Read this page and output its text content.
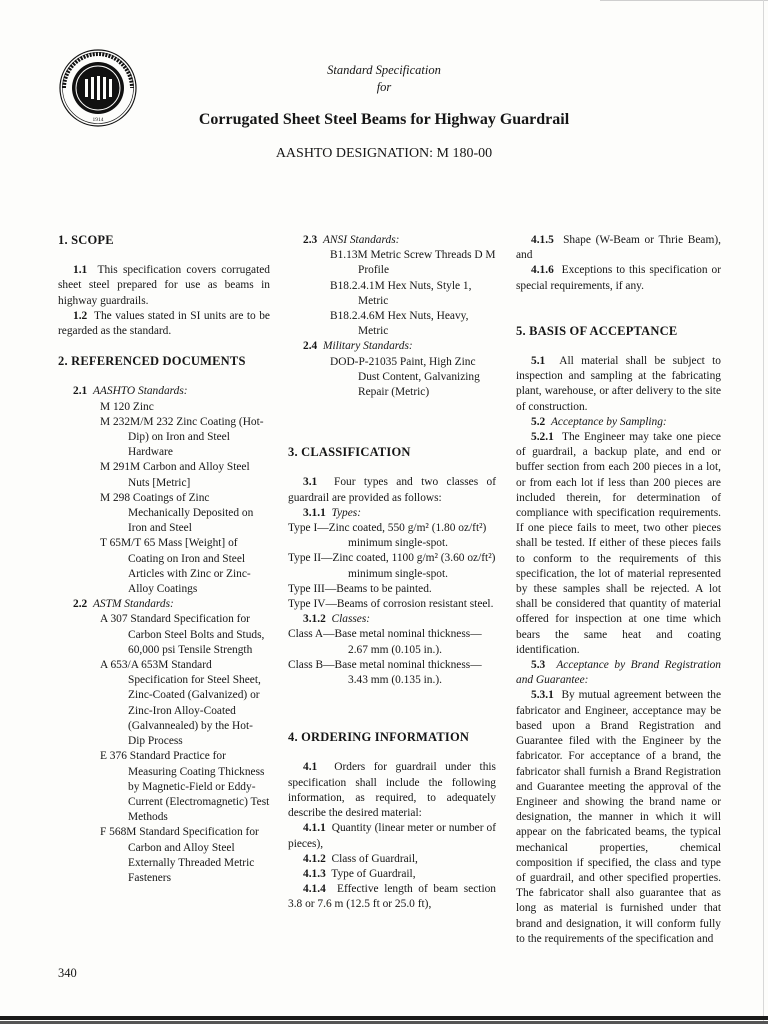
1914
Standard Specification
for
Corrugated Sheet Steel Beams for Highway Guardrail
AASHTO DESIGNATION: M 180-00
1. SCOPE
1.1 This specification covers corrugated sheet steel prepared for use as beams in highway guardrails.
1.2 The values stated in SI units are to be regarded as the standard.
2. REFERENCED DOCUMENTS
2.1 AASHTO Standards:
M 120 Zinc
M 232M/M 232 Zinc Coating (Hot-Dip) on Iron and Steel Hardware
M 291M Carbon and Alloy Steel Nuts [Metric]
M 298 Coatings of Zinc Mechanically Deposited on Iron and Steel
T 65M/T 65 Mass [Weight] of Coating on Iron and Steel Articles with Zinc or Zinc-Alloy Coatings
2.2 ASTM Standards:
A 307 Standard Specification for Carbon Steel Bolts and Studs, 60,000 psi Tensile Strength
A 653/A 653M Standard Specification for Steel Sheet, Zinc-Coated (Galvanized) or Zinc-Iron Alloy-Coated (Galvannealed) by the Hot-Dip Process
E 376 Standard Practice for Measuring Coating Thickness by Magnetic-Field or Eddy-Current (Electromagnetic) Test Methods
F 568M Standard Specification for Carbon and Alloy Steel Externally Threaded Metric Fasteners
2.3 ANSI Standards:
B1.13M Metric Screw Threads D M Profile
B18.2.4.1M Hex Nuts, Style 1, Metric
B18.2.4.6M Hex Nuts, Heavy, Metric
2.4 Military Standards:
DOD-P-21035 Paint, High Zinc Dust Content, Galvanizing Repair (Metric)
3. CLASSIFICATION
3.1 Four types and two classes of guardrail are provided as follows:
3.1.1 Types:
Type I—Zinc coated, 550 g/m² (1.80 oz/ft²) minimum single-spot.
Type II—Zinc coated, 1100 g/m² (3.60 oz/ft²) minimum single-spot.
Type III—Beams to be painted.
Type IV—Beams of corrosion resistant steel.
3.1.2 Classes:
Class A—Base metal nominal thickness—2.67 mm (0.105 in.).
Class B—Base metal nominal thickness—3.43 mm (0.135 in.).
4. ORDERING INFORMATION
4.1 Orders for guardrail under this specification shall include the following information, as required, to adequately describe the desired material:
4.1.1 Quantity (linear meter or number of pieces),
4.1.2 Class of Guardrail,
4.1.3 Type of Guardrail,
4.1.4 Effective length of beam section 3.8 or 7.6 m (12.5 ft or 25.0 ft),
4.1.5 Shape (W-Beam or Thrie Beam), and
4.1.6 Exceptions to this specification or special requirements, if any.
5. BASIS OF ACCEPTANCE
5.1 All material shall be subject to inspection and sampling at the fabricating plant, warehouse, or after delivery to the site of construction.
5.2 Acceptance by Sampling:
5.2.1 The Engineer may take one piece of guardrail, a backup plate, and end or buffer section from each 200 pieces in a lot, or from each lot if less than 200 pieces are included therein, for determination of compliance with specification requirements. If one piece fails to meet, two other pieces shall be tested. If either of these pieces fails to conform to the requirements of this specification, the lot of material represented by these samples shall be rejected. A lot shall be considered that quantity of material offered for inspection at one time which bears the same heat and coating identification.
5.3 Acceptance by Brand Registration and Guarantee:
5.3.1 By mutual agreement between the fabricator and Engineer, acceptance may be based upon a Brand Registration and Guarantee filed with the Engineer by the fabricator. For acceptance of a brand, the fabricator shall furnish a Brand Registration and Guarantee meeting the approval of the Engineer and showing the brand name or designation, the manner in which it will appear on the fabricated beams, the typical mechanical properties, chemical composition if specified, the class and type of guardrail, and other specified properties. The fabricator shall also guarantee that as long as material is furnished under that brand and designation, it will conform fully to the requirements of the specification and
340
